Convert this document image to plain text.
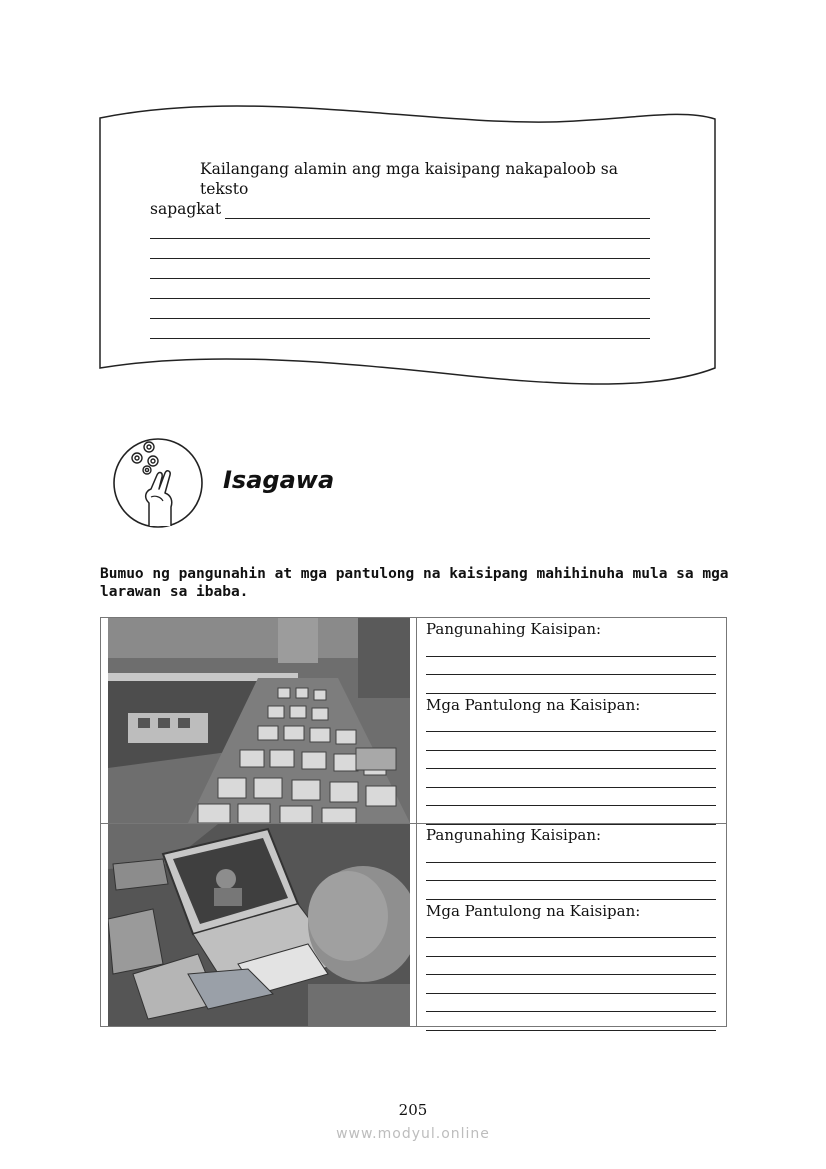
Kailangang alamin ang mga kaisipang nakapaloob sa teksto
sapagkat
Isagawa
Bumuo ng pangunahin at mga pantulong na kaisipang mahihinuha mula sa mga larawan sa ibaba.
Pangunahing Kaisipan:
Mga Pantulong na Kaisipan:
Pangunahing Kaisipan:
Mga Pantulong na Kaisipan:
205
www.modyul.online
